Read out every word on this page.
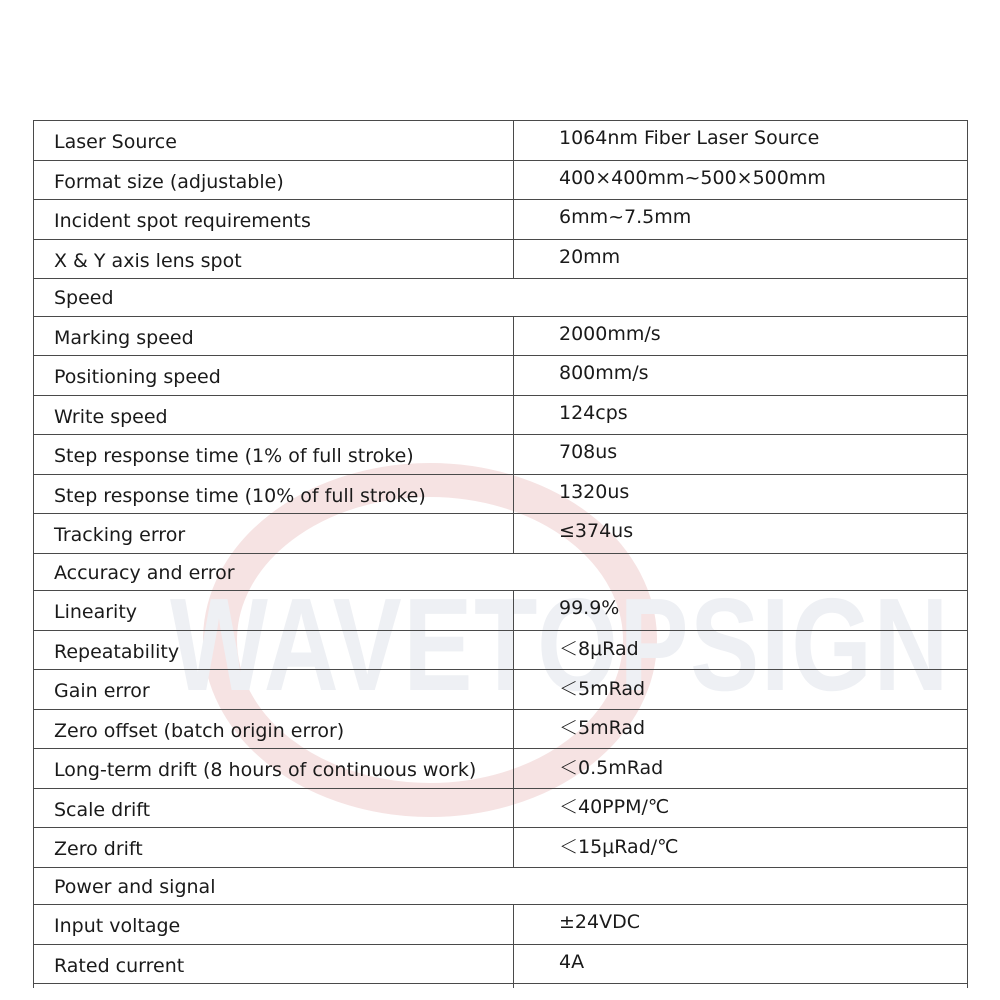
WAVETOPSIGN
Laser Source	1064nm Fiber Laser Source
Format size (adjustable)	400×400mm~500×500mm
Incident spot requirements	6mm~7.5mm
X & Y axis lens spot	20mm
Speed	
Marking speed	2000mm/s
Positioning speed	800mm/s
Write speed	124cps
Step response time (1% of full stroke)	708us
Step response time (10% of full stroke)	1320us
Tracking error	≤374us
Accuracy and error	
Linearity	99.9%
Repeatability	＜8μRad
Gain error	＜5mRad
Zero offset (batch origin error)	＜5mRad
Long-term drift (8 hours of continuous work)	＜0.5mRad
Scale drift	＜40PPM/℃
Zero drift	＜15μRad/℃
Power and signal	
Input voltage	±24VDC
Rated current	4A
